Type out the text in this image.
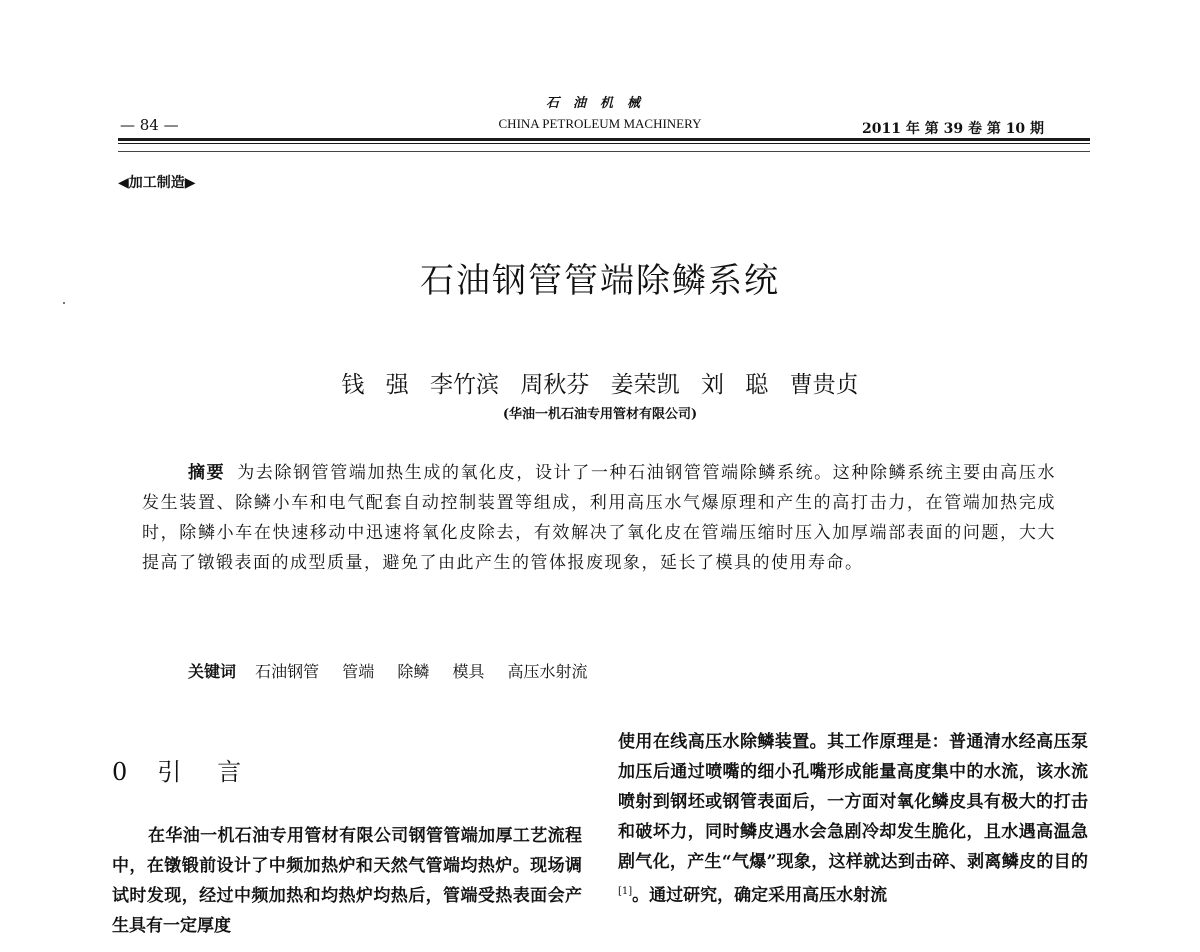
— 84 —
石油机械
CHINA PETROLEUM MACHINERY	2011 年 第 39 卷 第 10 期
◀加工制造▶
石油钢管管端除鳞系统
钱 强 李竹滨 周秋芬 姜荣凯 刘 聪 曹贵贞
(华油一机石油专用管材有限公司)
摘要 为去除钢管管端加热生成的氧化皮，设计了一种石油钢管管端除鳞系统。这种除鳞系统主要由高压水发生装置、除鳞小车和电气配套自动控制装置等组成，利用高压水气爆原理和产生的高打击力，在管端加热完成时，除鳞小车在快速移动中迅速将氧化皮除去，有效解决了氧化皮在管端压缩时压入加厚端部表面的问题，大大提高了镦锻表面的成型质量，避免了由此产生的管体报废现象，延长了模具的使用寿命。
关键词 石油钢管 管端 除鳞 模具 高压水射流
0 引言
在华油一机石油专用管材有限公司钢管管端加厚工艺流程中，在镦锻前设计了中频加热炉和天然气管端均热炉。现场调试时发现，经过中频加热和均热炉均热后，管端受热表面会产生具有一定厚度
使用在线高压水除鳞装置。其工作原理是：普通清水经高压泵加压后通过喷嘴的细小孔嘴形成能量高度集中的水流，该水流喷射到钢坯或钢管表面后，一方面对氧化鳞皮具有极大的打击和破坏力，同时鳞皮遇水会急剧冷却发生脆化，且水遇高温急剧气化，产生“气爆”现象，这样就达到击碎、剥离鳞皮的目的[1]。通过研究，确定采用高压水射流
